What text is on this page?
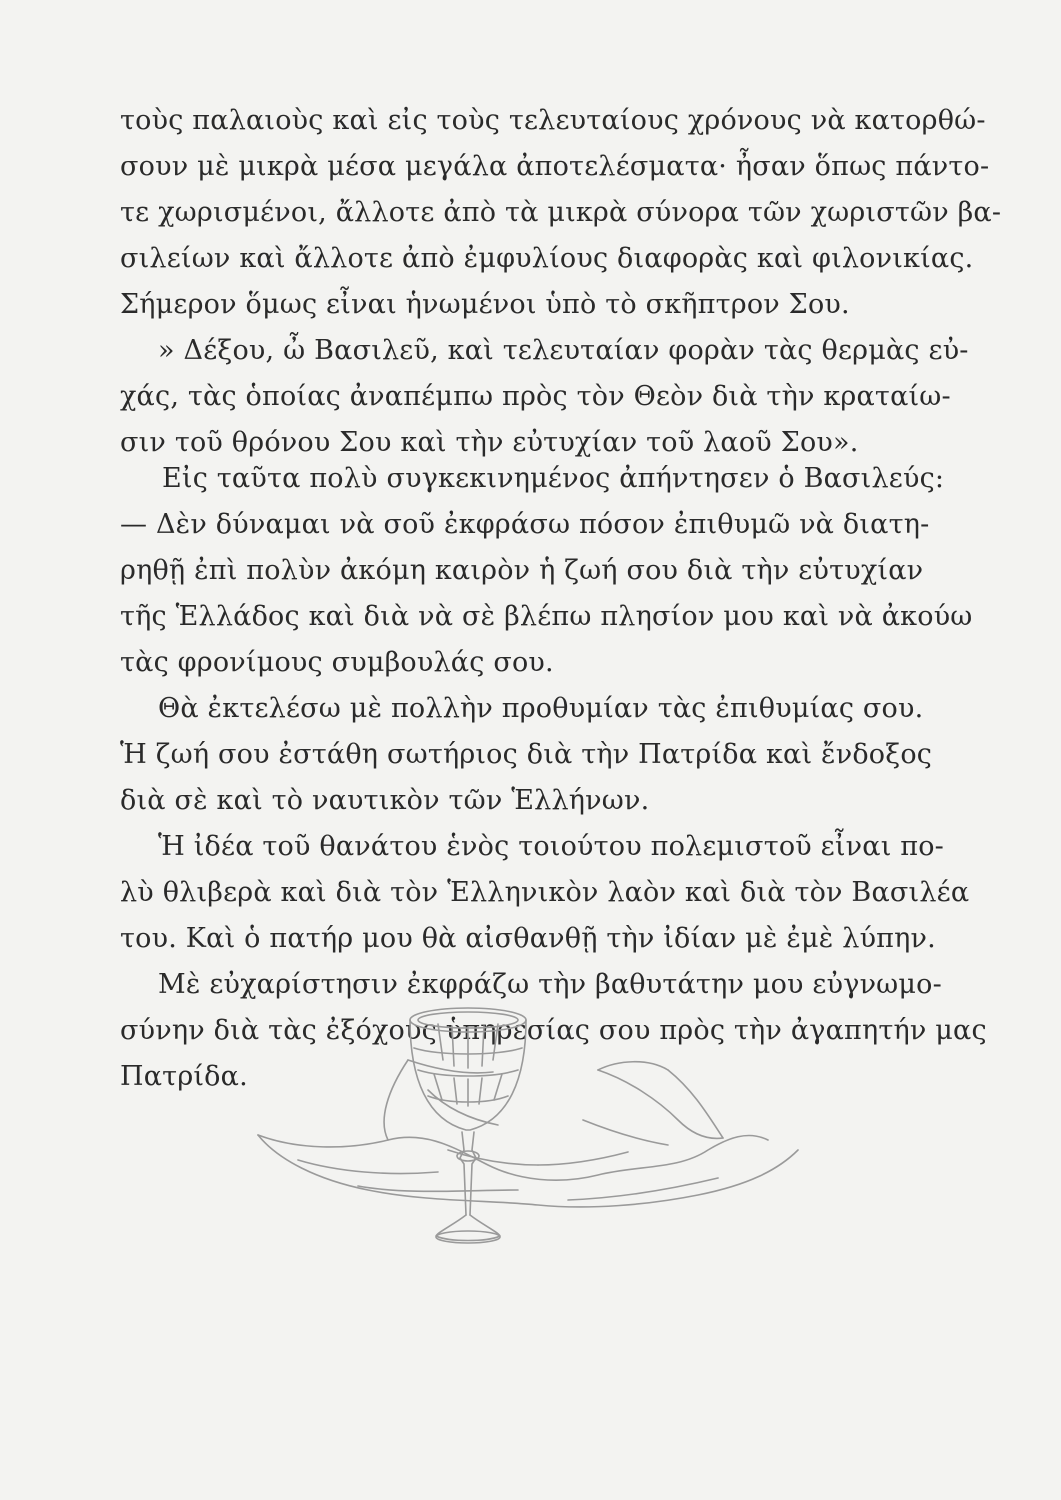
τοὺς παλαιοὺς καὶ εἰς τοὺς τελευταίους χρόνους νὰ κατορθώ-
σουν μὲ μικρὰ μέσα μεγάλα ἀποτελέσματα· ἦσαν ὅπως πάντο-
τε χωρισμένοι, ἄλλοτε ἀπὸ τὰ μικρὰ σύνορα τῶν χωριστῶν βα-
σιλείων καὶ ἄλλοτε ἀπὸ ἐμφυλίους διαφορὰς καὶ φιλονικίας.
Σήμερον ὅμως εἶναι ἡνωμένοι ὑπὸ τὸ σκῆπτρον Σου.
» Δέξου, ὦ Βασιλεῦ, καὶ τελευταίαν φορὰν τὰς θερμὰς εὐ-
χάς, τὰς ὁποίας ἀναπέμπω πρὸς τὸν Θεὸν διὰ τὴν κραταίω-
σιν τοῦ θρόνου Σου καὶ τὴν εὐτυχίαν τοῦ λαοῦ Σου».
Εἰς ταῦτα πολὺ συγκεκινημένος ἀπήντησεν ὁ Βασιλεύς:
— Δὲν δύναμαι νὰ σοῦ ἐκφράσω πόσον ἐπιθυμῶ νὰ διατη-
ρηθῇ ἐπὶ πολὺν ἀκόμη καιρὸν ἡ ζωή σου διὰ τὴν εὐτυχίαν
τῆς Ἑλλάδος καὶ διὰ νὰ σὲ βλέπω πλησίον μου καὶ νὰ ἀκούω
τὰς φρονίμους συμβουλάς σου.
Θὰ ἐκτελέσω μὲ πολλὴν προθυμίαν τὰς ἐπιθυμίας σου.
Ἡ ζωή σου ἐστάθη σωτήριος διὰ τὴν Πατρίδα καὶ ἔνδοξος
διὰ σὲ καὶ τὸ ναυτικὸν τῶν Ἑλλήνων.
Ἡ ἰδέα τοῦ θανάτου ἑνὸς τοιούτου πολεμιστοῦ εἶναι πο-
λὺ θλιβερὰ καὶ διὰ τὸν Ἑλληνικὸν λαὸν καὶ διὰ τὸν Βασιλέα
του. Καὶ ὁ πατήρ μου θὰ αἰσθανθῇ τὴν ἰδίαν μὲ ἐμὲ λύπην.
Μὲ εὐχαρίστησιν ἐκφράζω τὴν βαθυτάτην μου εὐγνωμο-
σύνην διὰ τὰς ἐξόχους ὑπηρεσίας σου πρὸς τὴν ἀγαπητήν μας
Πατρίδα.
